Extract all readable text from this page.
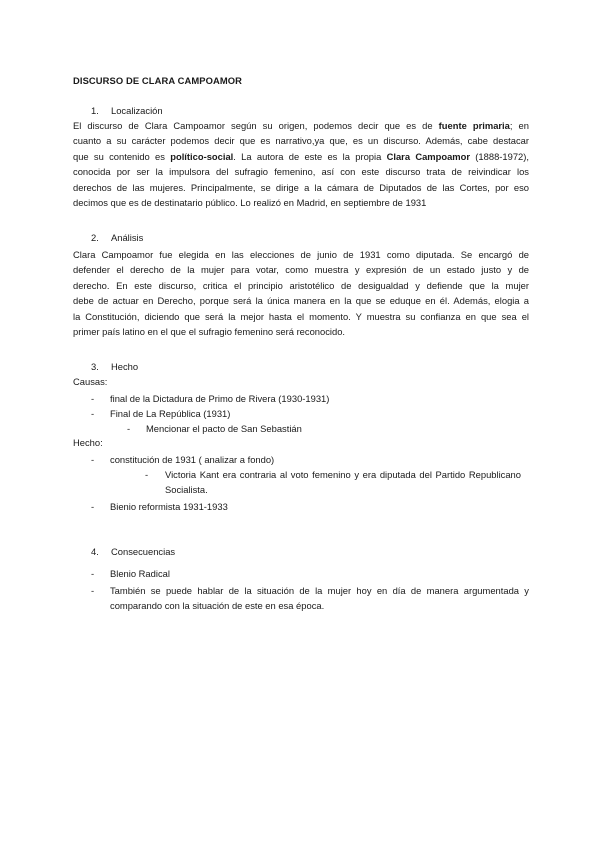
DISCURSO DE CLARA CAMPOAMOR
1. Localización

El discurso de Clara Campoamor según su origen, podemos decir que es de fuente primaria; en

cuanto a su carácter podemos decir que es narrativo,ya que, es un discurso. Además, cabe destacar

que su contenido es político-social. La autora de este es la propia Clara Campoamor (1888-1972),

conocida por ser la impulsora del sufragio femenino, así con este discurso trata de reivindicar los

derechos de las mujeres. Principalmente, se dirige a la cámara de Diputados de las Cortes, por eso

decimos que es de destinatario público. Lo realizó en Madrid, en septiembre de 1931

2. Análisis

Clara Campoamor fue elegida en las elecciones de junio de 1931 como diputada. Se encargó de

defender el derecho de la mujer para votar, como muestra y expresión de un estado justo y de

derecho. En este discurso, critica el principio aristotélico de desigualdad y defiende que la mujer

debe de actuar en Derecho, porque será la única manera en la que se eduque en él. Además, elogia a

la Constitución, diciendo que será la mejor hasta el momento. Y muestra su confianza en que sea el

primer país latino en el que el sufragio femenino será reconocido.

3. Hecho
Causas:
- final de la Dictadura de Primo de Rivera (1930-1931)
- Final de La República (1931)
- Mencionar el pacto de San Sebastián
Hecho:
- constitución de 1931 ( analizar a fondo)
-	Victoria Kant era contraria al voto femenino y era diputada del Partido Republicano Socialista.
- Bienio reformista 1931-1933
4. Consecuencias
- Blenio Radical
-	También se puede hablar de la situación de la mujer hoy en día de manera argumentada y comparando con la situación de este en esa época.
